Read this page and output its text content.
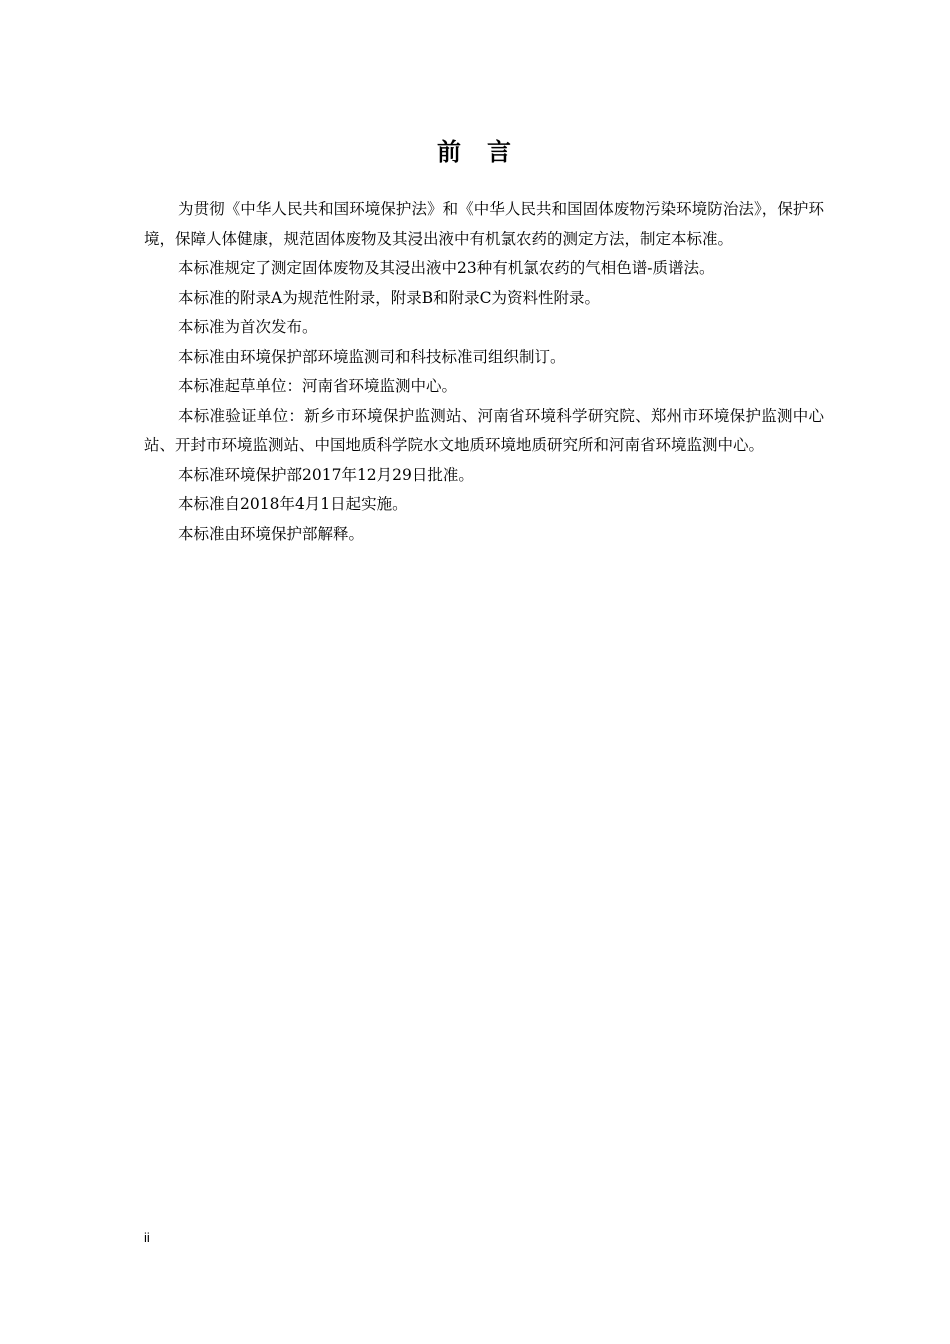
前 言

为贯彻《中华人民共和国环境保护法》和《中华人民共和国固体废物污染环境防治法》，保护环境，保障人体健康，规范固体废物及其浸出液中有机氯农药的测定方法，制定本标准。

本标准规定了测定固体废物及其浸出液中23种有机氯农药的气相色谱-质谱法。

本标准的附录A为规范性附录，附录B和附录C为资料性附录。

本标准为首次发布。

本标准由环境保护部环境监测司和科技标准司组织制订。

本标准起草单位：河南省环境监测中心。

本标准验证单位：新乡市环境保护监测站、河南省环境科学研究院、郑州市环境保护监测中心站、开封市环境监测站、中国地质科学院水文地质环境地质研究所和河南省环境监测中心。

本标准环境保护部2017年12月29日批准。

本标准自2018年4月1日起实施。

本标准由环境保护部解释。

ii
